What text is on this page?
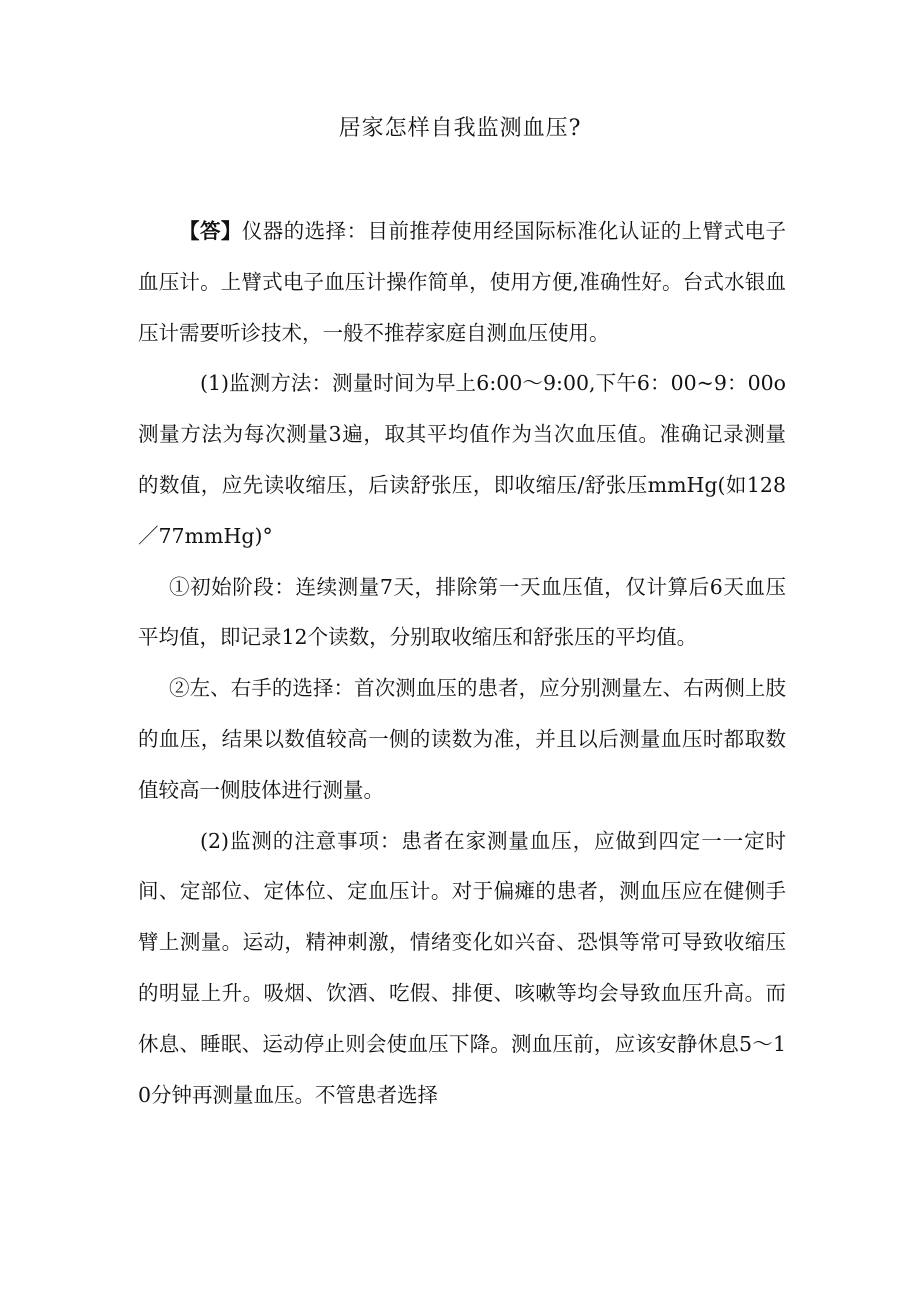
居家怎样自我监测血压?

【答】仪器的选择：目前推荐使用经国际标准化认证的上臂式电子血压计。上臂式电子血压计操作简单，使用方便,准确性好。台式水银血压计需要听诊技术，一般不推荐家庭自测血压使用。

(1)监测方法：测量时间为早上6:00～9:00,下午6：00~9：00o测量方法为每次测量3遍，取其平均值作为当次血压值。准确记录测量的数值，应先读收缩压，后读舒张压，即收缩压/舒张压mmHg(如128／77mmHg)°

①初始阶段：连续测量7天，排除第一天血压值，仅计算后6天血压平均值，即记录12个读数，分别取收缩压和舒张压的平均值。

②左、右手的选择：首次测血压的患者，应分别测量左、右两侧上肢的血压，结果以数值较高一侧的读数为准，并且以后测量血压时都取数值较高一侧肢体进行测量。

(2)监测的注意事项：患者在家测量血压，应做到四定一一定时间、定部位、定体位、定血压计。对于偏瘫的患者，测血压应在健侧手臂上测量。运动，精神刺激，情绪变化如兴奋、恐惧等常可导致收缩压的明显上升。吸烟、饮酒、吃假、排便、咳嗽等均会导致血压升高。而休息、睡眠、运动停止则会使血压下降。测血压前，应该安静休息5～10分钟再测量血压。不管患者选择
